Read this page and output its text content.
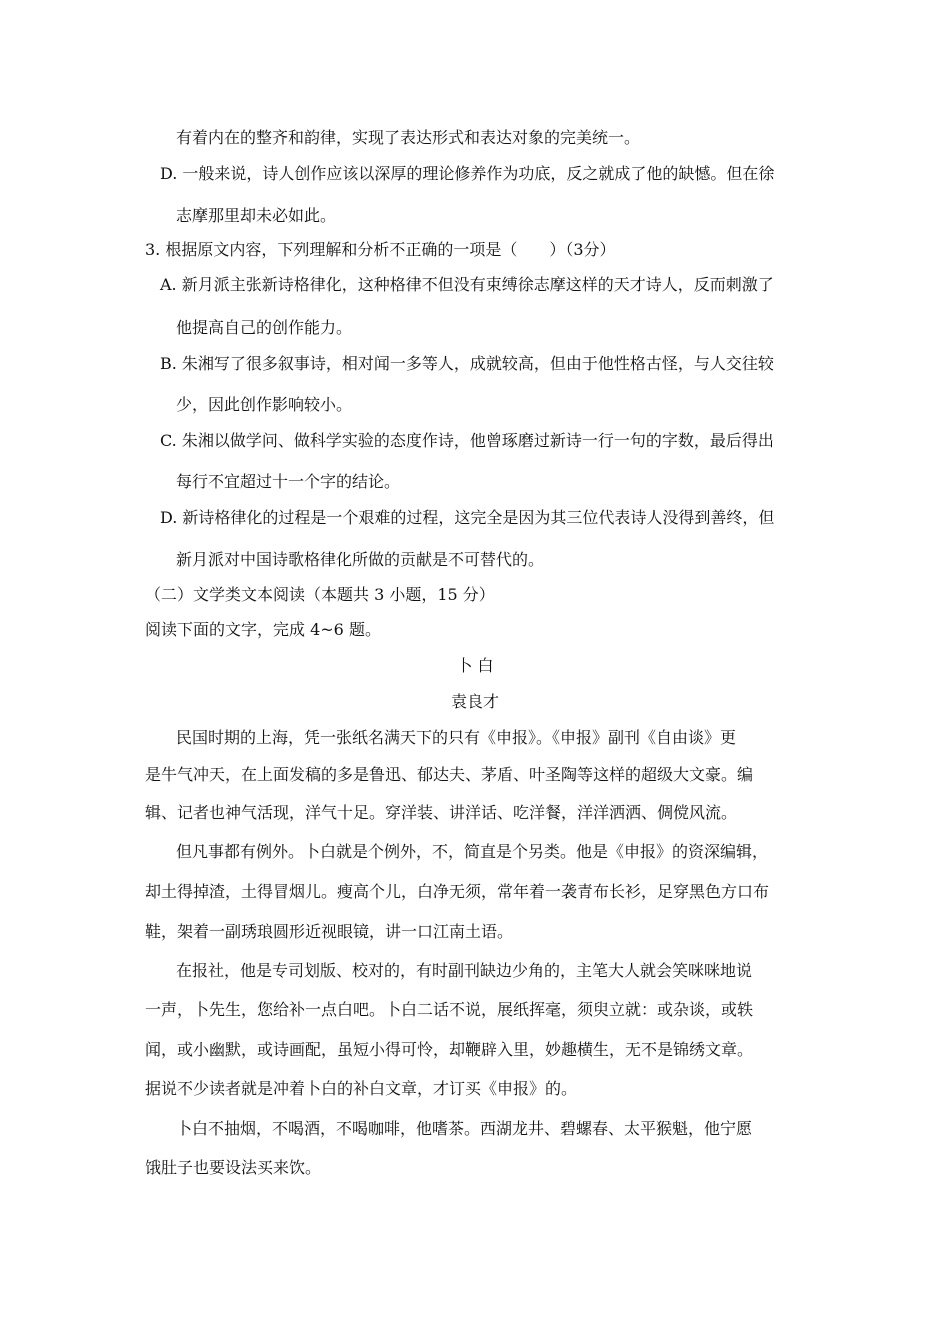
有着内在的整齐和韵律，实现了表达形式和表达对象的完美统一。
D. 一般来说，诗人创作应该以深厚的理论修养作为功底，反之就成了他的缺憾。但在徐
志摩那里却未必如此。
3. 根据原文内容，下列理解和分析不正确的一项是（　　）（3分）
A. 新月派主张新诗格律化，这种格律不但没有束缚徐志摩这样的天才诗人，反而刺激了
他提高自己的创作能力。
B. 朱湘写了很多叙事诗，相对闻一多等人，成就较高，但由于他性格古怪，与人交往较
少，因此创作影响较小。
C. 朱湘以做学问、做科学实验的态度作诗，他曾琢磨过新诗一行一句的字数，最后得出
每行不宜超过十一个字的结论。
D. 新诗格律化的过程是一个艰难的过程，这完全是因为其三位代表诗人没得到善终，但
新月派对中国诗歌格律化所做的贡献是不可替代的。
（二）文学类文本阅读（本题共 3 小题，15 分）
阅读下面的文字，完成 4~6 题。
卜 白
袁良才
民国时期的上海，凭一张纸名满天下的只有《申报》。《申报》副刊《自由谈》更
是牛气冲天，在上面发稿的多是鲁迅、郁达夫、茅盾、叶圣陶等这样的超级大文豪。编
辑、记者也神气活现，洋气十足。穿洋装、讲洋话、吃洋餐，洋洋洒洒、倜傥风流。
但凡事都有例外。卜白就是个例外，不，简直是个另类。他是《申报》的资深编辑，
却土得掉渣，土得冒烟儿。瘦高个儿，白净无须，常年着一袭青布长衫，足穿黑色方口布
鞋，架着一副琇琅圆形近视眼镜，讲一口江南土语。
在报社，他是专司划版、校对的，有时副刊缺边少角的，主笔大人就会笑咪咪地说
一声，卜先生，您给补一点白吧。卜白二话不说，展纸挥毫，须臾立就：或杂谈，或轶
闻，或小幽默，或诗画配，虽短小得可怜，却鞭辟入里，妙趣横生，无不是锦绣文章。
据说不少读者就是冲着卜白的补白文章，才订买《申报》的。
卜白不抽烟，不喝酒，不喝咖啡，他嗜茶。西湖龙井、碧螺春、太平猴魁，他宁愿
饿肚子也要设法买来饮。
